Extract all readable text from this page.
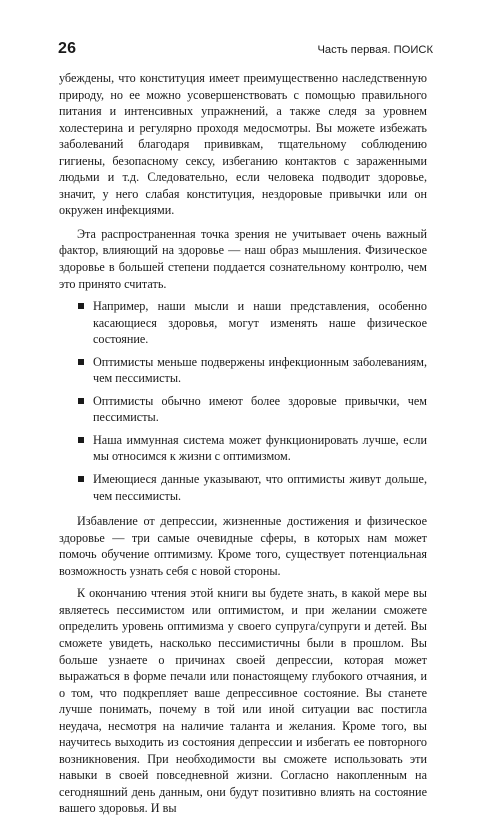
26	Часть первая. ПОИСК

убеждены, что конституция имеет преимущественно наследственную природу, но ее можно усовершенствовать с помощью правильного питания и интенсивных упражнений, а также следя за уровнем холестерина и регулярно проходя медосмотры. Вы можете избежать заболеваний благодаря прививкам, тщательному соблюдению гигиены, безопасному сексу, избеганию контактов с зараженными людьми и т.д. Следовательно, если человека подводит здоровье, значит, у него слабая конституция, нездоровые привычки или он окружен инфекциями.

Эта распространенная точка зрения не учитывает очень важный фактор, влияющий на здоровье — наш образ мышления. Физическое здоровье в большей степени поддается сознательному контролю, чем это принято считать.

Например, наши мысли и наши представления, особенно касающиеся здоровья, могут изменять наше физическое состояние.
Оптимисты меньше подвержены инфекционным заболеваниям, чем пессимисты.
Оптимисты обычно имеют более здоровые привычки, чем пессимисты.
Наша иммунная система может функционировать лучше, если мы относимся к жизни с оптимизмом.
Имеющиеся данные указывают, что оптимисты живут дольше, чем пессимисты.

Избавление от депрессии, жизненные достижения и физическое здоровье — три самые очевидные сферы, в которых нам может помочь обучение оптимизму. Кроме того, существует потенциальная возможность узнать себя с новой стороны.

К окончанию чтения этой книги вы будете знать, в какой мере вы являетесь пессимистом или оптимистом, и при желании сможете определить уровень оптимизма у своего супруга/супруги и детей. Вы сможете увидеть, насколько пессимистичны были в прошлом. Вы больше узнаете о причинах своей депрессии, которая может выражаться в форме печали или понастоящему глубокого отчаяния, и о том, что подкрепляет ваше депрессивное состояние. Вы станете лучше понимать, почему в той или иной ситуации вас постигла неудача, несмотря на наличие таланта и желания. Кроме того, вы научитесь выходить из состояния депрессии и избегать ее повторного возникновения. При необходимости вы сможете использовать эти навыки в своей повседневной жизни. Согласно накопленным на сегодняшний день данным, они будут позитивно влиять на состояние вашего здоровья. И вы
